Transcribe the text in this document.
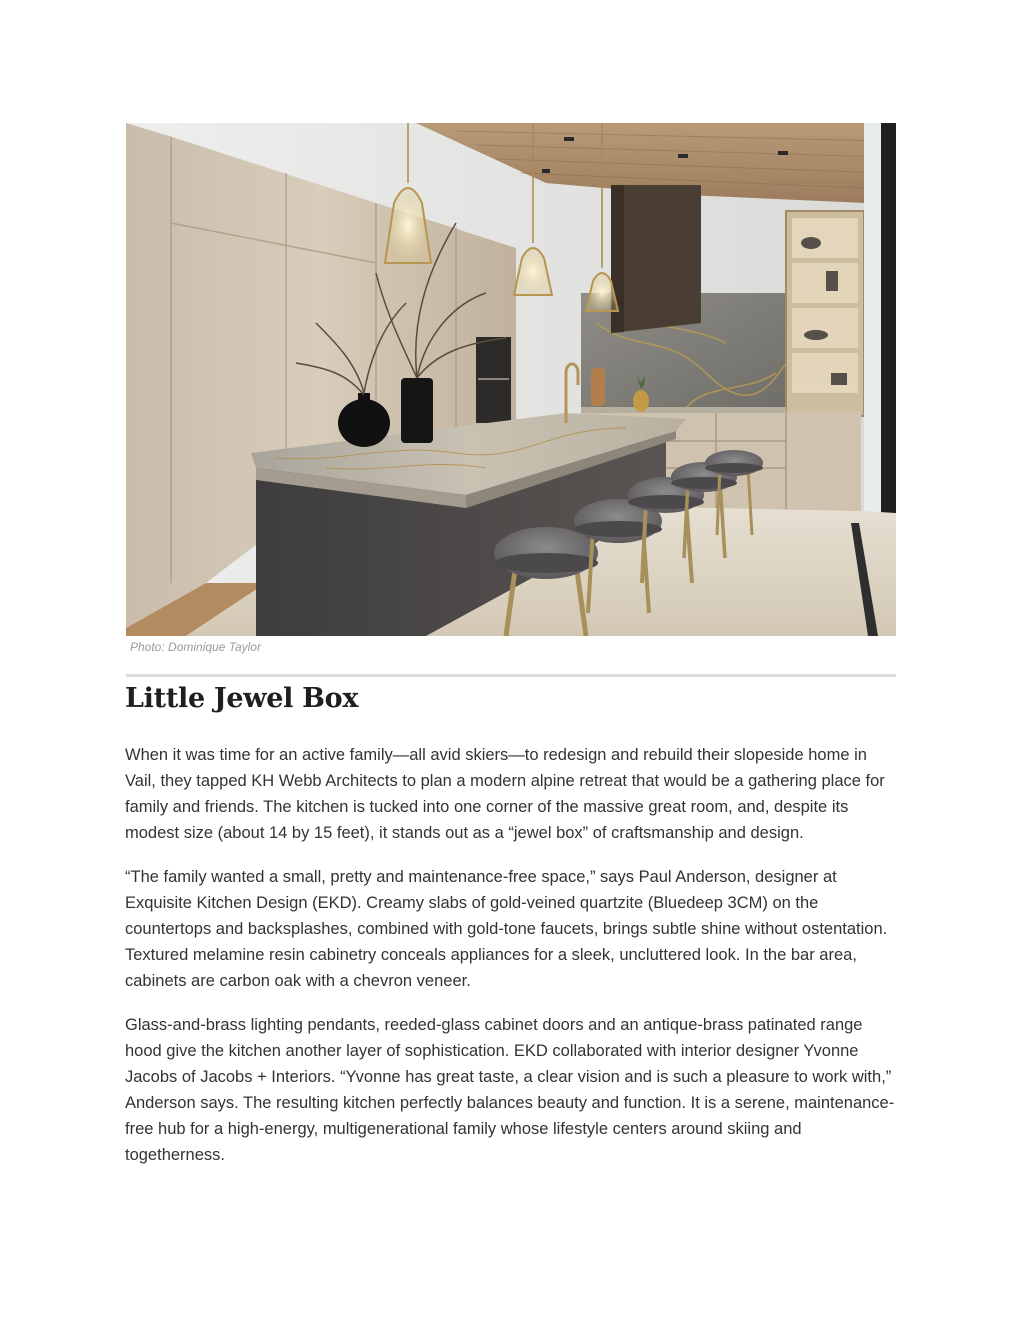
Photo: Dominique Taylor

Little Jewel Box

When it was time for an active family—all avid skiers—to redesign and rebuild their slopeside home in Vail, they tapped KH Webb Architects to plan a modern alpine retreat that would be a gathering place for family and friends. The kitchen is tucked into one corner of the massive great room, and, despite its modest size (about 14 by 15 feet), it stands out as a “jewel box” of craftsmanship and design.

“The family wanted a small, pretty and maintenance-free space,” says Paul Anderson, designer at Exquisite Kitchen Design (EKD). Creamy slabs of gold-veined quartzite (Bluedeep 3CM) on the countertops and backsplashes, combined with gold-tone faucets, brings subtle shine without ostentation. Textured melamine resin cabinetry conceals appliances for a sleek, uncluttered look. In the bar area, cabinets are carbon oak with a chevron veneer.

Glass-and-brass lighting pendants, reeded-glass cabinet doors and an antique-brass patinated range hood give the kitchen another layer of sophistication. EKD collaborated with interior designer Yvonne Jacobs of Jacobs + Interiors. “Yvonne has great taste, a clear vision and is such a pleasure to work with,” Anderson says. The resulting kitchen perfectly balances beauty and function. It is a serene, maintenance-free hub for a high-energy, multigenerational family whose lifestyle centers around skiing and togetherness.
